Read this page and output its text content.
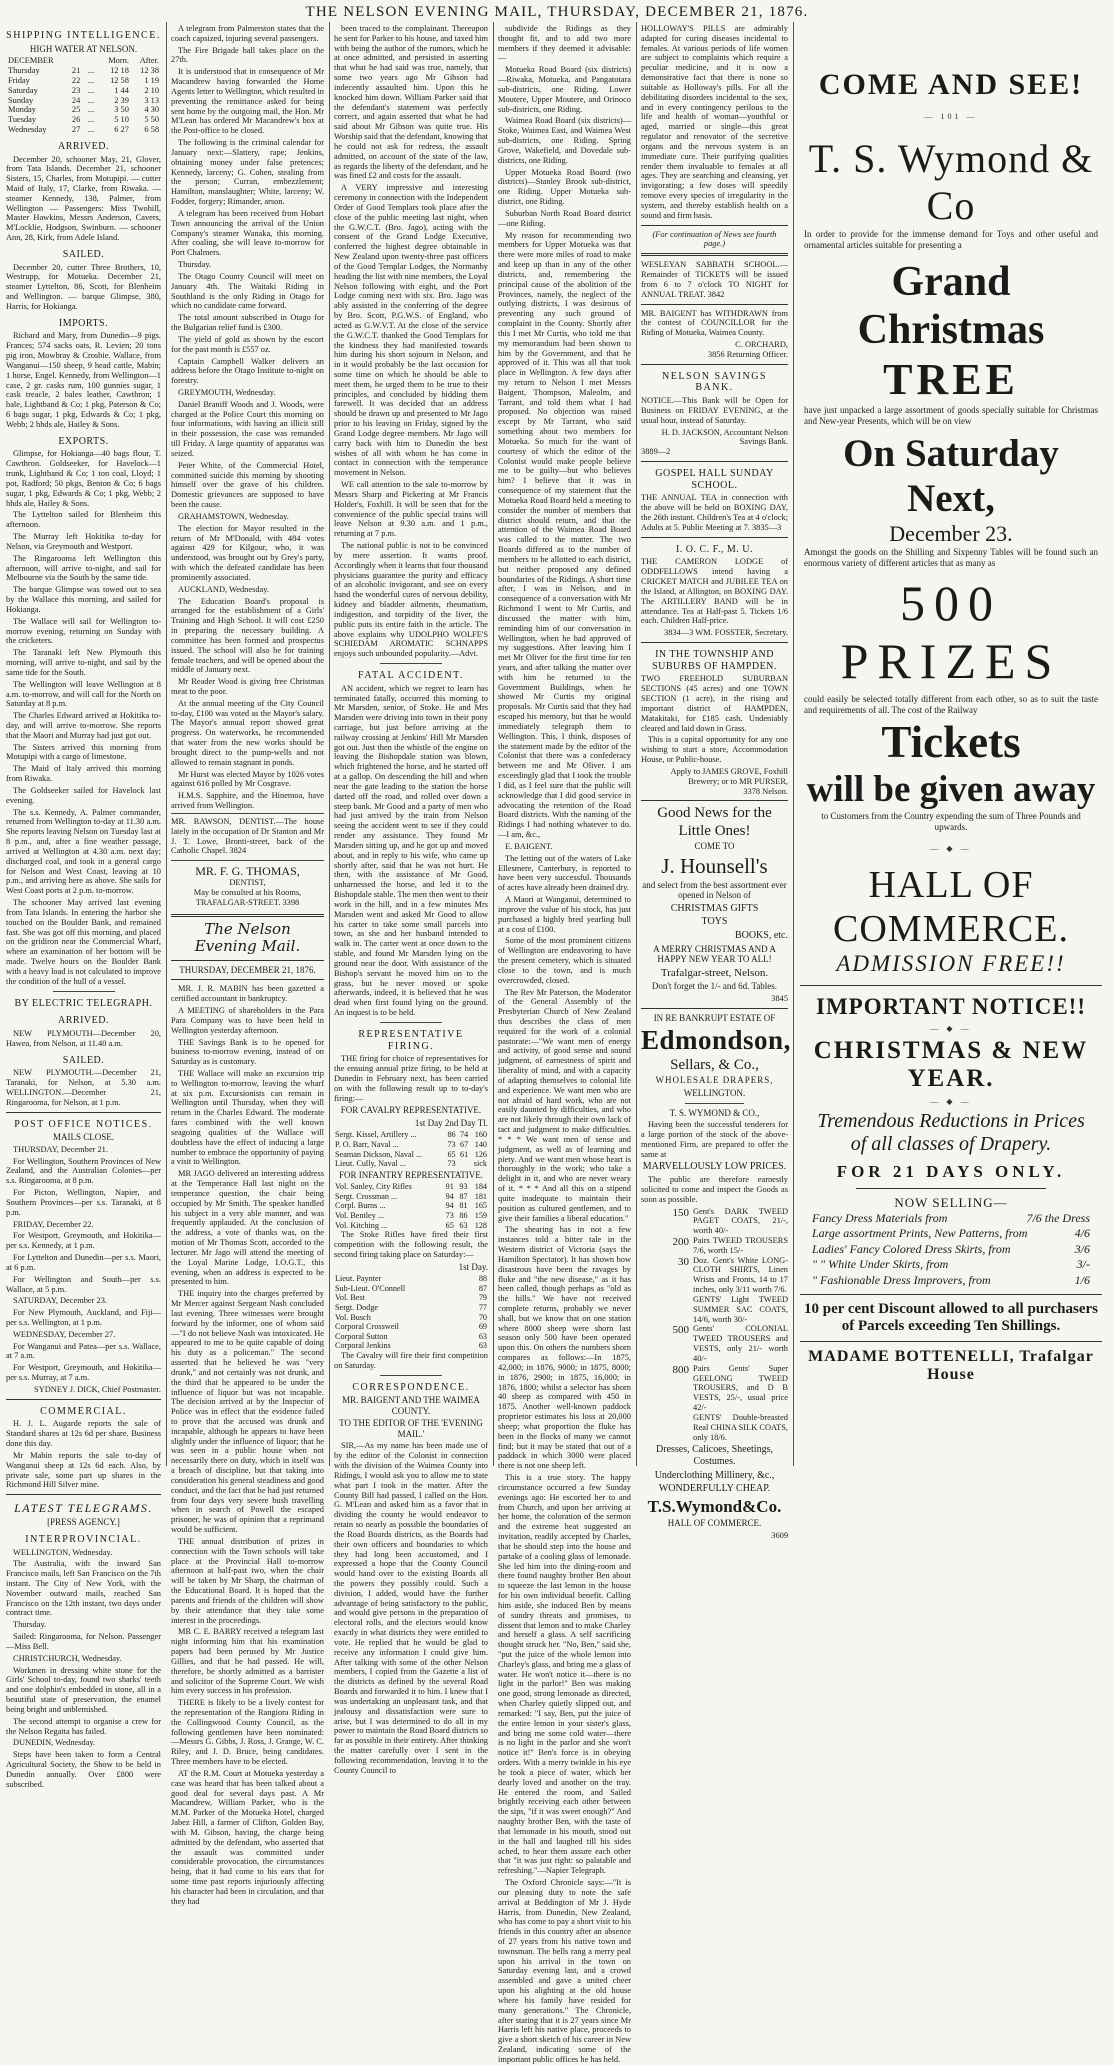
THE NELSON EVENING MAIL, THURSDAY, DECEMBER 21, 1876.
SHIPPING INTELLIGENCE.
HIGH WATER AT NELSON.
DECEMBER			Morn.	After.
Thursday	21	...	12 18	12 38
Friday	22	...	12 58	1 19
Saturday	23	...	1 44	2 10
Sunday	24	...	2 39	3 13
Monday	25	...	3 50	4 30
Tuesday	26	...	5 10	5 50
Wednesday	27	...	6 27	6 58
ARRIVED.

December 20, schooner May, 21, Glover, from Tata Islands. December 21, schooner Sisters, 15, Charles, from Motupipi. — cutter Maid of Italy, 17, Clarke, from Riwaka. — steamer Kennedy, 138, Palmer, from Wellington — Passengers: Miss Twohill, Master Hawkins, Messrs Anderson, Cavers, M'Locklie, Hodgson, Swinburn. — schooner Ann, 28, Kirk, from Adele Island.

SAILED.

December 20, cutter Three Brothers, 10, Westrupp, for Motueka. December 21, steamer Lyttelton, 86, Scott, for Blenheim and Wellington. — barque Glimpse, 380, Harris, for Hokianga.

IMPORTS.

Richard and Mary, from Dunedin—9 pigs. Frances; 574 sacks oats, R. Levien; 20 tons pig iron, Mowbray & Crosbie. Wallace, from Wanganui—150 sheep, 9 head cattle, Mabin; 1 horse, Engel. Kennedy, from Wellington—1 case, 2 gr. casks rum, 100 gunnies sugar, 1 cask treacle, 2 bales leather, Cawthron; 1 bale, Lightband & Co; 1 pkg, Paterson & Co; 6 bags sugar, 1 pkg, Edwards & Co; 1 pkg, Webb; 2 hhds ale, Hailey & Sons.

EXPORTS.

Glimpse, for Hokianga—40 bags flour, T. Cawthron. Goldseeker, for Havelock—1 trunk, Lightband & Co; 1 ton coal, Lloyd; 1 pot, Radford; 50 pkgs, Benton & Co; 6 bags sugar, 1 pkg, Edwards & Co; 1 pkg, Webb; 2 hhds ale, Hailey & Sons.

The Lyttelton sailed for Blenheim this afternoon.

The Murray left Hokitika to-day for Nelson, via Greymouth and Westport.

The Ringarooma left Wellington this afternoon, will arrive to-night, and sail for Melbourne via the South by the same tide.

The barque Glimpse was towed out to sea by the Wallace this morning, and sailed for Hokianga.

The Wallace will sail for Wellington to-morrow evening, returning on Sunday with the cricketers.

The Taranaki left New Plymouth this morning, will arrive to-night, and sail by the same tide for the South.

The Wellington will leave Wellington at 8 a.m. to-morrow, and will call for the North on Saturday at 8 p.m.

The Charles Edward arrived at Hokitika to-day, and will arrive to-morrow. She reports that the Maori and Murray had just got out.

The Sisters arrived this morning from Motupipi with a cargo of limestone.

The Maid of Italy arrived this morning from Riwaka.

The Goldseeker sailed for Havelock last evening.

The s.s. Kennedy, A. Palmer commander, returned from Wellington to-day at 11.30 a.m. She reports leaving Nelson on Tuesday last at 8 p.m., and, after a fine weather passage, arrived at Wellington at 4.30 a.m. next day; discharged coal, and took in a general cargo for Nelson and West Coast, leaving at 10 p.m., and arriving here as above. She sails for West Coast ports at 2 p.m. to-morrow.

The schooner May arrived last evening from Tata Islands. In entering the harbor she touched on the Boulder Bank, and remained fast. She was got off this morning, and placed on the gridiron near the Commercial Wharf, where an examination of her bottom will be made. Twelve hours on the Boulder Bank with a heavy load is not calculated to improve the condition of the hull of a vessel.

BY ELECTRIC TELEGRAPH.
ARRIVED.

NEW PLYMOUTH—December 20, Hawea, from Nelson, at 11.40 a.m.

SAILED.

NEW PLYMOUTH.—December 21, Taranaki, for Nelson, at 5.30 a.m. WELLINGTON.—December 21, Ringarooma, for Nelson, at 1 p.m.

POST OFFICE NOTICES.
MAILS CLOSE.

THURSDAY, December 21.

For Wellington, Southern Provinces of New Zealand, and the Australian Colonies—per s.s. Ringarooma, at 8 p.m.

For Picton, Wellington, Napier, and Southern Provinces—per s.s. Taranaki, at 8 p.m.

FRIDAY, December 22.

For Westport, Greymouth, and Hokitika—per s.s. Kennedy, at 1 p.m.

For Lyttelton and Dunedin—per s.s. Maori, at 6 p.m.

For Wellington and South—per s.s. Wallace, at 5 p.m.

SATURDAY, December 23.

For New Plymouth, Auckland, and Fiji—per s.s. Wellington, at 1 p.m.

WEDNESDAY, December 27.

For Wanganui and Patea—per s.s. Wallace, at 7 a.m.

For Westport, Greymouth, and Hokitika—per s.s. Murray, at 7 a.m.

SYDNEY J. DICK, Chief Postmaster.

COMMERCIAL.

H. J. L. Augarde reports the sale of Standard shares at 12s 6d per share. Business done this day.

Mr Mabin reports the sale to-day of Wanganui sheep at 12s 6d each. Also, by private sale, some part up shares in the Richmond Hill Silver mine.

LATEST TELEGRAMS.
[PRESS AGENCY.]
INTERPROVINCIAL.

WELLINGTON, Wednesday.

The Australia, with the inward San Francisco mails, left San Francisco on the 7th instant. The City of New York, with the November outward mails, reached San Francisco on the 12th instant, two days under contract time.

Thursday.

Sailed: Ringarooma, for Nelson. Passenger—Miss Bell.

CHRISTCHURCH, Wednesday.

Workmen in dressing white stone for the Girls' School to-day, found two sharks' teeth and one dolphin's embedded in stone, all in a beautiful state of preservation, the enamel being bright and unblemished.

The second attempt to organise a crew for the Nelson Regatta has failed.

DUNEDIN, Wednesday.

Steps have been taken to form a Central Agricultural Society, the Show to be held in Dunedin annually. Over £800 were subscribed.

A telegram from Palmerston states that the coach capsized, injuring several passengers.

The Fire Brigade ball takes place on the 27th.

It is understood that in consequence of Mr Macandrew having forwarded the Home Agents letter to Wellington, which resulted in preventing the remittance asked for being sent home by the outgoing mail, the Hon. Mr M'Lean has ordered Mr Macandrew's box at the Post-office to be closed.

The following is the criminal calendar for January next:—Slattery, rape; Jenkins, obtaining money under false pretences; Kennedy, larceny; G. Cohen, stealing from the person; Curran, embezzlement; Hamilton, manslaughter; White, larceny; W. Fodder, forgery; Rimander, arson.

A telegram has been received from Hobart Town announcing the arrival of the Union Company's steamer Wanaka, this morning. After coaling, she will leave to-morrow for Port Chalmers.

Thursday.

The Otago County Council will meet on January 4th. The Waitaki Riding in Southland is the only Riding in Otago for which no candidate came forward.

The total amount subscribed in Otago for the Bulgarian relief fund is £300.

The yield of gold as shown by the escort for the past month is £557 oz.

Captain Campbell Walker delivers an address before the Otago Institute to-night on forestry.

GREYMOUTH, Wednesday.

Daniel Braniff Woods and J. Woods, were charged at the Police Court this morning on four informations, with having an illicit still in their possession, the case was remanded till Friday. A large quantity of apparatus was seized.

Peter White, of the Commercial Hotel, committed suicide this morning by shooting himself over the grave of his children. Domestic grievances are supposed to have been the cause.

GRAHAMSTOWN, Wednesday.

The election for Mayor resulted in the return of Mr M'Donald, with 484 votes against 429 for Kilgour, who, it was understood, was brought out by Grey's party, with which the defeated candidate has been prominently associated.

AUCKLAND, Wednesday.

The Education Board's proposal is arranged for the establishment of a Girls' Training and High School. It will cost £250 in preparing the necessary building. A committee has been formed and prospectus issued. The school will also be for training female teachers, and will be opened about the middle of January next.

Mr Reader Wood is giving free Christmas meat to the poor.

At the annual meeting of the City Council to-day, £100 was voted as the Mayor's salary. The Mayor's annual report showed great progress. On waterworks, he recommended that water from the new works should be brought direct to the pump-wells and not allowed to remain stagnant in ponds.

Mr Hurst was elected Mayor by 1026 votes against 616 polled by Mr Cosgrave.

H.M.S. Sapphire, and the Hinemoa, have arrived from Wellington.

MR. RAWSON, DENTIST.—The house lately in the occupation of Dr Stanton and Mr J. T. Lowe, Bronti-street, back of the Catholic Chapel. 3824

MR. F. G. THOMAS,
DENTIST,
May be consulted at his Rooms, TRAFALGAR-STREET. 3398
The Nelson Evening Mail.
THURSDAY, DECEMBER 21, 1876.

MR. J. R. MABIN has been gazetted a certified accountant in bankruptcy.

A MEETING of shareholders in the Para Para Company was to have been held in Wellington yesterday afternoon.

THE Savings Bank is to be opened for business to-morrow evening, instead of on Saturday as is customary.

THE Wallace will make an excursion trip to Wellington to-morrow, leaving the wharf at six p.m. Excursionists can remain in Wellington until Thursday, when they will return in the Charles Edward. The moderate fares combined with the well known seagoing qualities of the Wallace will doubtless have the effect of inducing a large number to embrace the opportunity of paying a visit to Wellington.

MR JAGO delivered an interesting address at the Temperance Hall last night on the temperance question, the chair being occupied by Mr Smith. The speaker handled his subject in a very able manner, and was frequently applauded. At the conclusion of the address, a vote of thanks was, on the motion of Mr Thomas Scott, accorded to the lecturer. Mr Jago will attend the meeting of the Loyal Marine Lodge, I.O.G.T., this evening, when an address is expected to be presented to him.

THE inquiry into the charges preferred by Mr Mercer against Sergeant Nash concluded last evening. Three witnesses were brought forward by the informer, one of whom said—"I do not believe Nash was intoxicated. He appeared to me to be quite capable of doing his duty as a policeman." The second asserted that he believed he was "very drunk," and not certainly was not drunk, and the third that he appeared to be under the influence of liquor but was not incapable. The decision arrived at by the Inspector of Police was in effect that the evidence failed to prove that the accused was drunk and incapable, although he appears to have been slightly under the influence of liquor; that he was seen in a public house when not necessarily there on duty, which in itself was a breach of discipline, but that taking into consideration his general steadiness and good conduct, and the fact that he had just returned from four days very severe bush travelling when in search of Powell the escaped prisoner, he was of opinion that a reprimand would be sufficient.

THE annual distribution of prizes in connection with the Town schools will take place at the Provincial Hall to-morrow afternoon at half-past two, when the chair will be taken by Mr Sharp, the chairman of the Educational Board. It is hoped that the parents and friends of the children will show by their attendance that they take some interest in the proceedings.

MR C. E. BARRY received a telegram last night informing him that his examination papers had been perused by Mr Justice Gillies, and that he had passed. He will, therefore, be shortly admitted as a barrister and solicitor of the Supreme Court. We wish him every success in his profession.

THERE is likely to be a lively contest for the representation of the Rangiora Riding in the Collingwood County Council, as the following gentlemen have been nominated:—Messrs G. Gibbs, J. Ross, J. Grange, W. C. Riley, and J. D. Bruce, being candidates. Three members have to be elected.

AT the R.M. Court at Motueka yesterday a case was heard that has been talked about a good deal for several days past. A Mr Macandrew, William Parker, who is the M.M. Parker of the Motueka Hotel, charged Jabez Hill, a farmer of Clifton, Golden Bay, with M. Gibson, having, the charge being admitted by the defendant, who asserted that the assault was committed under considerable provocation, the circumstances being, that it had come to his ears that for some time past reports injuriously affecting his character had been in circulation, and that they had

been traced to the complainant. Thereupon he sent for Parker to his house, and taxed him with being the author of the rumors, which he at once admitted, and persisted in asserting that what he had said was true, namely, that some two years ago Mr Gibson had indecently assaulted him. Upon this he knocked him down. William Parker said that the defendant's statement was perfectly correct, and again asserted that what he had said about Mr Gibson was quite true. His Worship said that the defendant, knowing that he could not ask for redress, the assault admitted, on account of the state of the law, as regards the liberty of the defendant, and he was fined £2 and costs for the assault.

A VERY impressive and interesting ceremony in connection with the Independent Order of Good Templars took place after the close of the public meeting last night, when the G.W.C.T. (Bro. Jago), acting with the consent of the Grand Lodge Executive, conferred the highest degree obtainable in New Zealand upon twenty-three past officers of the Good Templar Lodges, the Normanby heading the list with nine members, the Loyal Nelson following with eight, and the Port Lodge coming next with six. Bro. Jago was ably assisted in the conferring of the degree by Bro. Scott, P.G.W.S. of England, who acted as G.W.V.T. At the close of the service the G.W.C.T. thanked the Good Templars for the kindness they had manifested towards him during his short sojourn in Nelson, and in it would probably be the last occasion for some time on which he should be able to meet them, he urged them to be true to their principles, and concluded by bidding them farewell. It was decided that an address should be drawn up and presented to Mr Jago prior to his leaving on Friday, signed by the Grand Lodge degree members. Mr Jago will carry back with him to Dunedin the best wishes of all with whom he has come in contact in connection with the temperance movement in Nelson.

WE call attention to the sale to-morrow by Messrs Sharp and Pickering at Mr Francis Holder's, Foxhill. It will be seen that for the convenience of the public special trains will leave Nelson at 9.30 a.m. and 1 p.m., returning at 7 p.m.

The national public is not to be convinced by mere assertion. It wants proof. Accordingly when it learns that four thousand physicians guarantee the purity and efficacy of an alcoholic invigorant, and see on every hand the wonderful cures of nervous debility, kidney and bladder ailments, rheumatism, indigestion, and torpidity of the liver, the public puts its entire faith in the article. The above explains why UDOLPHO WOLFE'S SCHIEDAM AROMATIC SCHNAPPS enjoys such unbounded popularity.—Advt.

FATAL ACCIDENT.

AN accident, which we regret to learn has terminated fatally, occurred this morning to Mr Marsden, senior, of Stoke. He and Mrs Marsden were driving into town in their pony carriage, but just before arriving at the railway crossing at Jenkins' Hill Mr Marsden got out. Just then the whistle of the engine on leaving the Bishopdale station was blown, which frightened the horse, and he started off at a gallop. On descending the hill and when near the gate leading to the station the horse darted off the road, and rolled over down a steep bank. Mr Good and a party of men who had just arrived by the train from Nelson seeing the accident went to see if they could render any assistance. They found Mr Marsden sitting up, and he got up and moved about, and in reply to his wife, who came up shortly after, said that he was not hurt. He then, with the assistance of Mr Good, unharnessed the horse, and led it to the Bishopdale stable. The men then went to their work in the hill, and in a few minutes Mrs Marsden went and asked Mr Good to allow his carter to take some small parcels into town, as she and her husband intended to walk in. The carter went at once down to the stable, and found Mr Marsden lying on the ground near the door. With assistance of the Bishop's servant he moved him on to the grass, but he never moved or spoke afterwards, indeed, it is believed that he was dead when first found lying on the ground. An inquest is to be held.

REPRESENTATIVE FIRING.

THE firing for choice of representatives for the ensuing annual prize firing, to be held at Dunedin in February next, has been carried on with the following result up to to-day's firing:—

FOR CAVALRY REPRESENTATIVE.
1st Day 2nd Day Tl.
Sergt. Kissel, Artillery ...	86	74	160
P. O. Barr, Naval ...	73	67	140
Seaman Dickson, Naval ...	65	61	126
Lieut. Cully, Naval ...	73		sick
FOR INFANTRY REPRESENTATIVE.
Vol. Sanley, City Rifles	91	93	184
Sergt. Crossman ...	94	87	181
Corpl. Burns ...	94	81	165
Vol. Bentley ...	73	86	159
Vol. Kitching ...	65	63	128

The Stoke Rifles have fired their first competition with the following result, the second firing taking place on Saturday:—

1st Day.
Lieut. Paynter	88
Sub-Lieut. O'Connell	87
Vol. Best	79
Sergt. Dodge	77
Vol. Busch	70
Corporal Crossweil	69
Corporal Sutton	63
Corporal Jenkins	63

The Cavalry will fire their first competition on Saturday.

CORRESPONDENCE.
MR. BAIGENT AND THE WAIMEA COUNTY.
TO THE EDITOR OF THE 'EVENING MAIL.'

SIR,—As my name has been made use of by the editor of the Colonist in connection with the division of the Waimea County into Ridings, I would ask you to allow me to state what part I took in the matter. After the County Bill had passed, I called on the Hon. G. M'Lean and asked him as a favor that in dividing the county he would endeavor to retain so nearly as possible the boundaries of the Road Boards districts, as the Boards had their own officers and boundaries to which they had long been accustomed, and I expressed a hope that the County Council would hand over to the existing Boards all the powers they possibly could. Such a division, I added, would have the further advantage of being satisfactory to the public, and would give persons in the preparation of electoral rolls, and the electors would know exactly in what districts they were entitled to vote. He replied that he would be glad to receive any information I could give him. After talking with some of the other Nelson members, I copied from the Gazette a list of the districts as defined by the several Road Boards and forwarded it to him. I knew that I was undertaking an unpleasant task, and that jealousy and dissatisfaction were sure to arise, but I was determined to do all in my power to maintain the Road Board districts so far as possible in their entirety. After thinking the matter carefully over I sent in the following recommendation, leaving it to the County Council to

subdivide the Ridings as they thought fit, and to add two more members if they deemed it advisable:—

Motueka Road Board (six districts)—Riwaka, Motueka, and Pangatotara sub-districts, one Riding. Lower Moutere, Upper Moutere, and Orinoco sub-districts, one Riding.

Waimea Road Board (six districts)—Stoke, Waimea East, and Waimea West sub-districts, one Riding. Spring Grove, Wakefield, and Dovedale sub-districts, one Riding.

Upper Motueka Road Board (two districts)—Stanley Brook sub-district, one Riding. Upper Motueka sub-district, one Riding.

Suburban North Road Board district—one Riding.

My reason for recommending two members for Upper Motueka was that there were more miles of road to make and keep up than in any of the other districts, and, remembering the principal cause of the abolition of the Provinces, namely, the neglect of the outlying districts, I was desirous of preventing any such ground of complaint in the County. Shortly after this I met Mr Curtis, who told me that my memorandum had been shown to him by the Government, and that he approved of it. This was all that took place in Wellington. A few days after my return to Nelson I met Messrs Baigent, Thompson, Maleolm, and Tarrant, and told them what I had proposed. No objection was raised except by Mr Tarrant, who said something about two members for Motueka. So much for the want of courtesy of which the editor of the Colonist would make people believe me to be guilty—but who believes him? I believe that it was in consequence of my statement that the Motueka Road Board held a meeting to consider the number of members that district should return, and that the attention of the Waimea Road Board was called to the matter. The two Boards differed as to the number of members to be allotted to each district, but neither proposed any defined boundaries of the Ridings. A short time after, I was in Nelson, and in consequence of a conversation with Mr Richmond I went to Mr Curtis, and discussed the matter with him, reminding him of our conversation in Wellington, when he had approved of my suggestions. After leaving him I met Mr Oliver for the first time for ten years, and after talking the matter over with him he returned to the Government Buildings, when he showed Mr Curtis my original proposals. Mr Curtis said that they had escaped his memory, but that he would immediately telegraph them to Wellington. This, I think, disposes of the statement made by the editor of the Colonist that there was a confederacy between me and Mr Oliver. I am exceedingly glad that I took the trouble I did, as I feel sure that the public will acknowledge that I did good service in advocating the retention of the Road Board districts. With the naming of the Ridings I had nothing whatever to do.—I am, &c.,

E. BAIGENT.

The letting out of the waters of Lake Ellesmere, Canterbury, is reported to have been very successful. Thousands of acres have already been drained dry.

A Maori at Wanganui, determined to improve the value of his stock, has just purchased a highly bred yearling bull at a cost of £100.

Some of the most prominent citizens of Wellington are endeavoring to have the present cemetery, which is situated close to the town, and is much overcrowded, closed.

The Rev Mr Paterson, the Moderator of the General Assembly of the Presbyterian Church of New Zealand thus describes the class of men required for the work of a colonial pastorate:—"We want men of energy and activity, of good sense and sound judgment, of earnestness of spirit and liberality of mind, and with a capacity of adapting themselves to colonial life and experience. We want men who are not afraid of hard work, who are not easily daunted by difficulties, and who are not likely through their own lack of tact and judgment to make difficulties. * * * We want men of sense and judgment, as well as of learning and piety. And we want men whose heart is thoroughly in the work; who take a delight in it, and who are never weary of it. * * * And all this on a stipend quite inadequate to maintain their position as cultured gentlemen, and to give their families a liberal education."

The shearing has in not a few instances told a bitter tale in the Western district of Victoria (says the Hamilton Spectator). It has shown how disastrous have been the ravages by fluke and "the new disease," as it has been called, though perhaps as "old as the hills." We have not received complete returns, probably we never shall, but we know that on one station where 8000 sheep were shorn last season only 500 have been operated upon this. On others the numbers shorn compares as follows:—In 1875, 42,000; in 1876, 9000; in 1875, 8000; in 1876, 2900; in 1875, 16,000; in 1876, 1800; whilst a selector has shorn 40 sheep as compared with 450 in 1875. Another well-known paddock proprietor estimates his loss at 20,000 sheep; what proportion the fluke has been in the flocks of many we cannot find; but it may be stated that out of a paddock in which 3000 were placed there is not one sheep left.

This is a true story. The happy circumstance occurred a few Sunday evenings ago: He escorted her to and from Church, and upon her arriving at her home, the coloration of the sermon and the extreme heat suggested an invitation, readily accepted by Charles, that he should step into the house and partake of a cooling glass of lemonade. She led him into the dining-room and there found naughty brother Ben about to squeeze the last lemon in the house for his own individual benefit. Calling him aside, she induced Ben by means of sundry threats and promises, to dissent that lemon and to make Charley and herself a glass. A self sacrificing thought struck her. "No, Ben," said she, "put the juice of the whole lemon into Charley's glass, and bring me a glass of water. He won't notice it—there is no light in the parlor!" Ben was making one good, strong lemonade as directed, when Charley quietly slipped out, and remarked: "I say, Ben, put the juice of the entire lemon in your sister's glass, and bring me some cold water—there is no light in the parlor and she won't notice it!" Ben's force is in obeying orders. With a merry twinkle in his eye he took a piece of water, which her dearly loved and another on the tray. He entered the room, and Sailed brightly receiving each other between the sips, "if it was sweet enough?" And naughty brother Ben, with the taste of that lemonade in his mouth, stood out in the hall and laughed till his sides ached, to hear them assure each other that "it was just right: so palatable and refreshing."—Napier Telegraph.

The Oxford Chronicle says:—"It is our pleasing duty to note the safe arrival at Beddington of Mr J. Hyde Harris, from Dunedin, New Zealand, who has come to pay a short visit to his friends in this country after an absence of 27 years from his native town and townsman. The bells rang a merry peal upon his arrival in the town on Saturday evening last, and a crowd assembled and gave a united cheer upon his alighting at the old house where his family have resided for many generations." The Chronicle, after stating that it is 27 years since Mr Harris left his native place, proceeds to give a short sketch of his career in New Zealand, indicating some of the important public offices he has held.

HOLLOWAY'S PILLS are admirably adapted for curing diseases incidental to females. At various periods of life women are subject to complaints which require a peculiar medicine, and it is now a demonstrative fact that there is none so suitable as Holloway's pills. For all the debilitating disorders incidental to the sex, and in every contingency perilous to the life and health of woman—youthful or aged, married or single—this great regulator and renovator of the secretive organs and the nervous system is an immediate cure. Their purifying qualities render them invaluable to females at all ages. They are searching and cleansing, yet invigorating; a few doses will speedily remove every species of irregularity in the system, and thereby establish health on a sound and firm basis.

(For continuation of News see fourth page.)

WESLEYAN SABBATH SCHOOL.—Remainder of TICKETS will be issued from 6 to 7 o'clock TO NIGHT for ANNUAL TREAT. 3842

MR. BAIGENT has WITHDRAWN from the contest of COUNCILLOR for the Riding of Motueka, Waimea County.

C. ORCHARD,
3856 Returning Officer.
NELSON SAVINGS BANK.

NOTICE.—This Bank will be Open for Business on FRIDAY EVENING, at the usual hour, instead of Saturday.

H. D. JACKSON, Accountant Nelson Savings Bank.
3889—2
GOSPEL HALL SUNDAY SCHOOL.

THE ANNUAL TEA in connection with the above will be held on BOXING DAY, the 26th instant. Children's Tea at 4 o'clock; Adults at 5. Public Meeting at 7. 3835—3

I. O. C. F., M. U.

THE CAMERON LODGE of ODDFELLOWS intend having a CRICKET MATCH and JUBILEE TEA on the Island, at Allington, on BOXING DAY. The ARTILLERY BAND will be in attendance. Tea at Half-past 5. Tickets 1/6 each. Children Half-price.

3834—3 WM. FOSSTER, Secretary.
IN THE TOWNSHIP AND SUBURBS OF HAMPDEN.

TWO FREEHOLD SUBURBAN SECTIONS (45 acres) and one TOWN SECTION (1 acre), in the rising and important district of HAMPDEN, Matakitaki, for £185 cash. Undeniably cleared and laid down in Grass.

This is a capital opportunity for any one wishing to start a store, Accommodation House, or Public-house.

Apply to JAMES GROVE, Foxhill Brewery; or to MR PURSER,
3378 Nelson.
Good News for the
Little Ones!
COME TO
J. Hounsell's
and select from the best assortment ever opened in Nelson of
CHRISTMAS GIFTS
TOYS
BOOKS, etc.
A MERRY CHRISTMAS AND A HAPPY NEW YEAR TO ALL!
Trafalgar-street, Nelson.
Don't forget the 1/- and 6d. Tables.
3845
IN RE BANKRUPT ESTATE OF
Edmondson,
Sellars, & Co.,
WHOLESALE DRAPERS,
WELLINGTON.
T. S. WYMOND & CO.,

Having been the successful tenderers for a large portion of the stock of the above-mentioned Firm, are prepared to offer the same at

MARVELLOUSLY LOW PRICES.

The public are therefore earnestly solicited to come and inspect the Goods as soon as possible.

150 Gent's DARK TWEED PAGET COATS, 21/-, worth 40/-
200 Pairs TWEED TROUSERS 7/6, worth 15/-
30 Doz. Gent's White LONG-CLOTH SHIRTS, Linen Wrists and Fronts, 14 to 17 inches, only 3/11 worth 7/6.
GENTS' Light TWEED SUMMER SAC COATS, 14/6, worth 30/-
500 Gents' COLONIAL TWEED TROUSERS and VESTS, only 21/- worth 40/-
800 Pairs Gents' Super GEELONG TWEED TROUSERS, and D B VESTS, 25/-, usual price 42/-
GENTS' Double-breasted Real CHINA SILK COATS, only 18/6.
Dresses, Calicoes, Sheetings, Costumes.
Underclothing Millinery, &c.,
WONDERFULLY CHEAP.
T.S.Wymond&Co.
HALL OF COMMERCE.
3609
COME AND SEE!
— 101 —
T. S. Wymond & Co
In order to provide for the immense demand for Toys and other useful and ornamental articles suitable for presenting a
Grand Christmas
TREE
have just unpacked a large assortment of goods specially suitable for Christmas and New-year Presents, which will be on view
On Saturday Next,
December 23.
Amongst the goods on the Shilling and Sixpenny Tables will be found such an enormous variety of different articles that as many as
500 PRIZES
could easily be selected totally different from each other, so as to suit the taste and requirements of all. The cost of the Railway
Tickets
will be given away
to Customers from the Country expending the sum of Three Pounds and upwards.
— ◆ —
HALL OF COMMERCE.
ADMISSION FREE!!
IMPORTANT NOTICE!!
— ◆ —
CHRISTMAS & NEW YEAR.
— ◆ —
Tremendous Reductions in Prices
of all classes of Drapery.
FOR 21 DAYS ONLY.
NOW SELLING—
Fancy Dress Materials from	7/6 the Dress
Large assortment Prints, New Patterns, from	4/6
Ladies' Fancy Colored Dress Skirts, from	3/6
" " White Under Skirts, from	3/-
" Fashionable Dress Improvers, from	1/6
10 per cent Discount allowed to all purchasers of Parcels exceeding Ten Shillings.
MADAME BOTTENELLI, Trafalgar House
